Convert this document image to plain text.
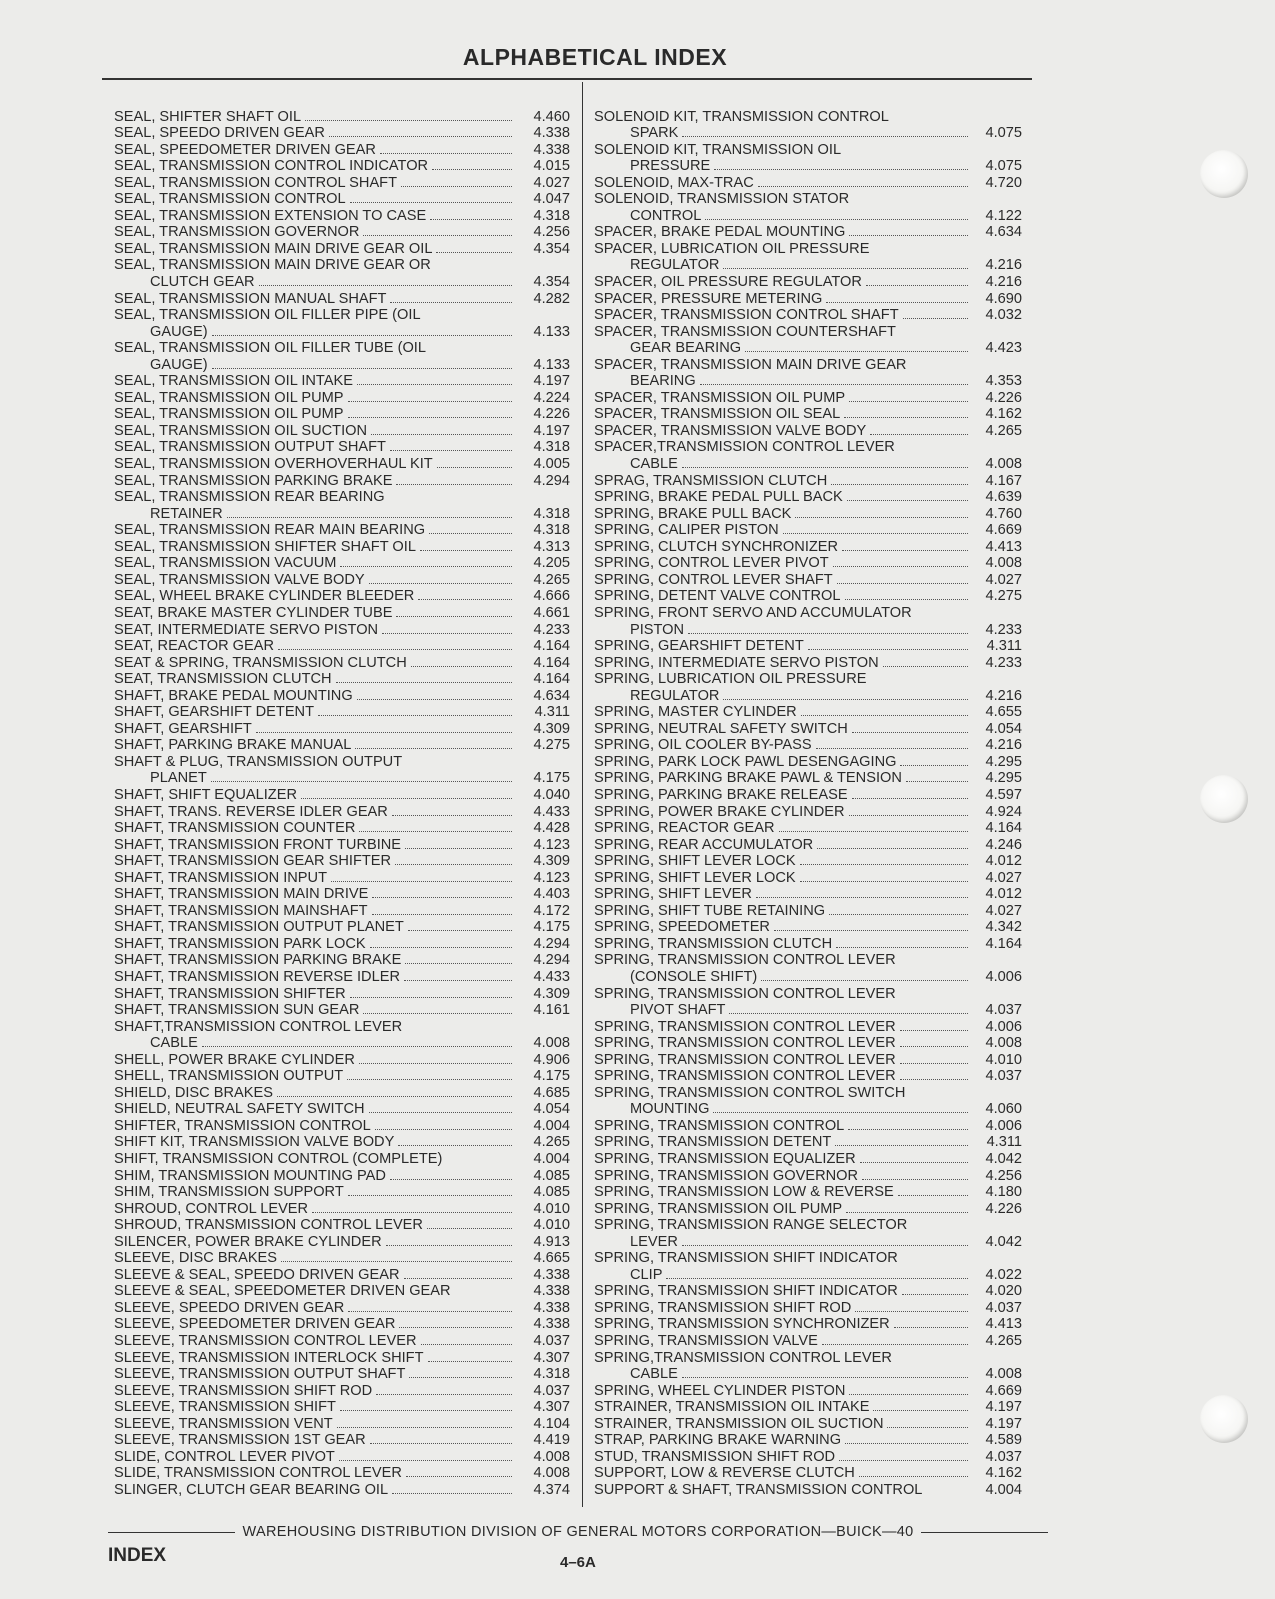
ALPHABETICAL INDEX
SEAL, SHIFTER SHAFT OIL	4.460
SEAL, SPEEDO DRIVEN GEAR	4.338
SEAL, SPEEDOMETER DRIVEN GEAR	4.338
SEAL, TRANSMISSION CONTROL INDICATOR	4.015
SEAL, TRANSMISSION CONTROL SHAFT	4.027
SEAL, TRANSMISSION CONTROL	4.047
SEAL, TRANSMISSION EXTENSION TO CASE	4.318
SEAL, TRANSMISSION GOVERNOR	4.256
SEAL, TRANSMISSION MAIN DRIVE GEAR OIL	4.354
SEAL, TRANSMISSION MAIN DRIVE GEAR OR
CLUTCH GEAR	4.354
SEAL, TRANSMISSION MANUAL SHAFT	4.282
SEAL, TRANSMISSION OIL FILLER PIPE (OIL
GAUGE)	4.133
SEAL, TRANSMISSION OIL FILLER TUBE (OIL
GAUGE)	4.133
SEAL, TRANSMISSION OIL INTAKE	4.197
SEAL, TRANSMISSION OIL PUMP	4.224
SEAL, TRANSMISSION OIL PUMP	4.226
SEAL, TRANSMISSION OIL SUCTION	4.197
SEAL, TRANSMISSION OUTPUT SHAFT	4.318
SEAL, TRANSMISSION OVERHOVERHAUL KIT	4.005
SEAL, TRANSMISSION PARKING BRAKE	4.294
SEAL, TRANSMISSION REAR BEARING
RETAINER	4.318
SEAL, TRANSMISSION REAR MAIN BEARING	4.318
SEAL, TRANSMISSION SHIFTER SHAFT OIL	4.313
SEAL, TRANSMISSION VACUUM	4.205
SEAL, TRANSMISSION VALVE BODY	4.265
SEAL, WHEEL BRAKE CYLINDER BLEEDER	4.666
SEAT, BRAKE MASTER CYLINDER TUBE	4.661
SEAT, INTERMEDIATE SERVO PISTON	4.233
SEAT, REACTOR GEAR	4.164
SEAT & SPRING, TRANSMISSION CLUTCH	4.164
SEAT, TRANSMISSION CLUTCH	4.164
SHAFT, BRAKE PEDAL MOUNTING	4.634
SHAFT, GEARSHIFT DETENT	4.311
SHAFT, GEARSHIFT	4.309
SHAFT, PARKING BRAKE MANUAL	4.275
SHAFT & PLUG, TRANSMISSION OUTPUT
PLANET	4.175
SHAFT, SHIFT EQUALIZER	4.040
SHAFT, TRANS. REVERSE IDLER GEAR	4.433
SHAFT, TRANSMISSION COUNTER	4.428
SHAFT, TRANSMISSION FRONT TURBINE	4.123
SHAFT, TRANSMISSION GEAR SHIFTER	4.309
SHAFT, TRANSMISSION INPUT	4.123
SHAFT, TRANSMISSION MAIN DRIVE	4.403
SHAFT, TRANSMISSION MAINSHAFT	4.172
SHAFT, TRANSMISSION OUTPUT PLANET	4.175
SHAFT, TRANSMISSION PARK LOCK	4.294
SHAFT, TRANSMISSION PARKING BRAKE	4.294
SHAFT, TRANSMISSION REVERSE IDLER	4.433
SHAFT, TRANSMISSION SHIFTER	4.309
SHAFT, TRANSMISSION SUN GEAR	4.161
SHAFT,TRANSMISSION CONTROL LEVER
CABLE	4.008
SHELL, POWER BRAKE CYLINDER	4.906
SHELL, TRANSMISSION OUTPUT	4.175
SHIELD, DISC BRAKES	4.685
SHIELD, NEUTRAL SAFETY SWITCH	4.054
SHIFTER, TRANSMISSION CONTROL	4.004
SHIFT KIT, TRANSMISSION VALVE BODY	4.265
SHIFT, TRANSMISSION CONTROL (COMPLETE)	4.004
SHIM, TRANSMISSION MOUNTING PAD	4.085
SHIM, TRANSMISSION SUPPORT	4.085
SHROUD, CONTROL LEVER	4.010
SHROUD, TRANSMISSION CONTROL LEVER	4.010
SILENCER, POWER BRAKE CYLINDER	4.913
SLEEVE, DISC BRAKES	4.665
SLEEVE & SEAL, SPEEDO DRIVEN GEAR	4.338
SLEEVE & SEAL, SPEEDOMETER DRIVEN GEAR	4.338
SLEEVE, SPEEDO DRIVEN GEAR	4.338
SLEEVE, SPEEDOMETER DRIVEN GEAR	4.338
SLEEVE, TRANSMISSION CONTROL LEVER	4.037
SLEEVE, TRANSMISSION INTERLOCK SHIFT	4.307
SLEEVE, TRANSMISSION OUTPUT SHAFT	4.318
SLEEVE, TRANSMISSION SHIFT ROD	4.037
SLEEVE, TRANSMISSION SHIFT	4.307
SLEEVE, TRANSMISSION VENT	4.104
SLEEVE, TRANSMISSION 1ST GEAR	4.419
SLIDE, CONTROL LEVER PIVOT	4.008
SLIDE, TRANSMISSION CONTROL LEVER	4.008
SLINGER, CLUTCH GEAR BEARING OIL	4.374
SOLENOID KIT, TRANSMISSION CONTROL
SPARK	4.075
SOLENOID KIT, TRANSMISSION OIL
PRESSURE	4.075
SOLENOID, MAX-TRAC	4.720
SOLENOID, TRANSMISSION STATOR
CONTROL	4.122
SPACER, BRAKE PEDAL MOUNTING	4.634
SPACER, LUBRICATION OIL PRESSURE
REGULATOR	4.216
SPACER, OIL PRESSURE REGULATOR	4.216
SPACER, PRESSURE METERING	4.690
SPACER, TRANSMISSION CONTROL SHAFT	4.032
SPACER, TRANSMISSION COUNTERSHAFT
GEAR BEARING	4.423
SPACER, TRANSMISSION MAIN DRIVE GEAR
BEARING	4.353
SPACER, TRANSMISSION OIL PUMP	4.226
SPACER, TRANSMISSION OIL SEAL	4.162
SPACER, TRANSMISSION VALVE BODY	4.265
SPACER,TRANSMISSION CONTROL LEVER
CABLE	4.008
SPRAG, TRANSMISSION CLUTCH	4.167
SPRING, BRAKE PEDAL PULL BACK	4.639
SPRING, BRAKE PULL BACK	4.760
SPRING, CALIPER PISTON	4.669
SPRING, CLUTCH SYNCHRONIZER	4.413
SPRING, CONTROL LEVER PIVOT	4.008
SPRING, CONTROL LEVER SHAFT	4.027
SPRING, DETENT VALVE CONTROL	4.275
SPRING, FRONT SERVO AND ACCUMULATOR
PISTON	4.233
SPRING, GEARSHIFT DETENT	4.311
SPRING, INTERMEDIATE SERVO PISTON	4.233
SPRING, LUBRICATION OIL PRESSURE
REGULATOR	4.216
SPRING, MASTER CYLINDER	4.655
SPRING, NEUTRAL SAFETY SWITCH	4.054
SPRING, OIL COOLER BY-PASS	4.216
SPRING, PARK LOCK PAWL DESENGAGING	4.295
SPRING, PARKING BRAKE PAWL & TENSION	4.295
SPRING, PARKING BRAKE RELEASE	4.597
SPRING, POWER BRAKE CYLINDER	4.924
SPRING, REACTOR GEAR	4.164
SPRING, REAR ACCUMULATOR	4.246
SPRING, SHIFT LEVER LOCK	4.012
SPRING, SHIFT LEVER LOCK	4.027
SPRING, SHIFT LEVER	4.012
SPRING, SHIFT TUBE RETAINING	4.027
SPRING, SPEEDOMETER	4.342
SPRING, TRANSMISSION CLUTCH	4.164
SPRING, TRANSMISSION CONTROL LEVER
(CONSOLE SHIFT)	4.006
SPRING, TRANSMISSION CONTROL LEVER
PIVOT SHAFT	4.037
SPRING, TRANSMISSION CONTROL LEVER	4.006
SPRING, TRANSMISSION CONTROL LEVER	4.008
SPRING, TRANSMISSION CONTROL LEVER	4.010
SPRING, TRANSMISSION CONTROL LEVER	4.037
SPRING, TRANSMISSION CONTROL SWITCH
MOUNTING	4.060
SPRING, TRANSMISSION CONTROL	4.006
SPRING, TRANSMISSION DETENT	4.311
SPRING, TRANSMISSION EQUALIZER	4.042
SPRING, TRANSMISSION GOVERNOR	4.256
SPRING, TRANSMISSION LOW & REVERSE	4.180
SPRING, TRANSMISSION OIL PUMP	4.226
SPRING, TRANSMISSION RANGE SELECTOR
LEVER	4.042
SPRING, TRANSMISSION SHIFT INDICATOR
CLIP	4.022
SPRING, TRANSMISSION SHIFT INDICATOR	4.020
SPRING, TRANSMISSION SHIFT ROD	4.037
SPRING, TRANSMISSION SYNCHRONIZER	4.413
SPRING, TRANSMISSION VALVE	4.265
SPRING,TRANSMISSION CONTROL LEVER
CABLE	4.008
SPRING, WHEEL CYLINDER PISTON	4.669
STRAINER, TRANSMISSION OIL INTAKE	4.197
STRAINER, TRANSMISSION OIL SUCTION	4.197
STRAP, PARKING BRAKE WARNING	4.589
STUD, TRANSMISSION SHIFT ROD	4.037
SUPPORT, LOW & REVERSE CLUTCH	4.162
SUPPORT & SHAFT, TRANSMISSION CONTROL	4.004
WAREHOUSING DISTRIBUTION DIVISION OF GENERAL MOTORS CORPORATION—BUICK—40
INDEX	4–6A
